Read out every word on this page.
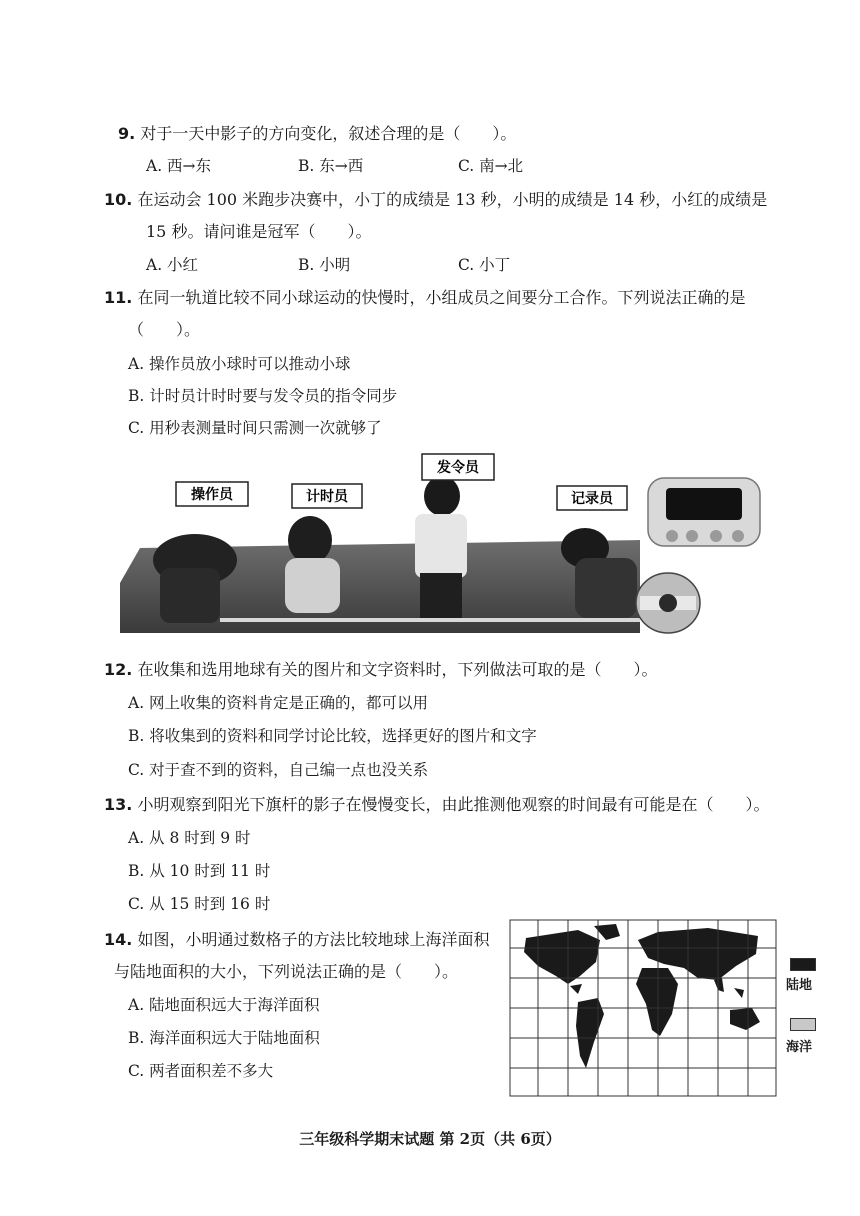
9. 对于一天中影子的方向变化，叙述合理的是（　　）。
A. 西→东	B. 东→西	C. 南→北
10. 在运动会 100 米跑步决赛中，小丁的成绩是 13 秒，小明的成绩是 14 秒，小红的成绩是
15 秒。请问谁是冠军（　　）。
A. 小红	B. 小明	C. 小丁
11. 在同一轨道比较不同小球运动的快慢时，小组成员之间要分工合作。下列说法正确的是
（　　）。
A. 操作员放小球时可以推动小球
B. 计时员计时时要与发令员的指令同步
C. 用秒表测量时间只需测一次就够了
操作员	计时员
发令员
记录员
12. 在收集和选用地球有关的图片和文字资料时，下列做法可取的是（　　）。
A. 网上收集的资料肯定是正确的，都可以用
B. 将收集到的资料和同学讨论比较，选择更好的图片和文字
C. 对于查不到的资料，自己编一点也没关系
13. 小明观察到阳光下旗杆的影子在慢慢变长，由此推测他观察的时间最有可能是在（　　）。
A. 从 8 时到 9 时
B. 从 10 时到 11 时
C. 从 15 时到 16 时
14. 如图，小明通过数格子的方法比较地球上海洋面积
与陆地面积的大小，下列说法正确的是（　　）。
A. 陆地面积远大于海洋面积
B. 海洋面积远大于陆地面积
C. 两者面积差不多大
陆地
海洋
三年级科学期末试题 第 2页（共 6页）
